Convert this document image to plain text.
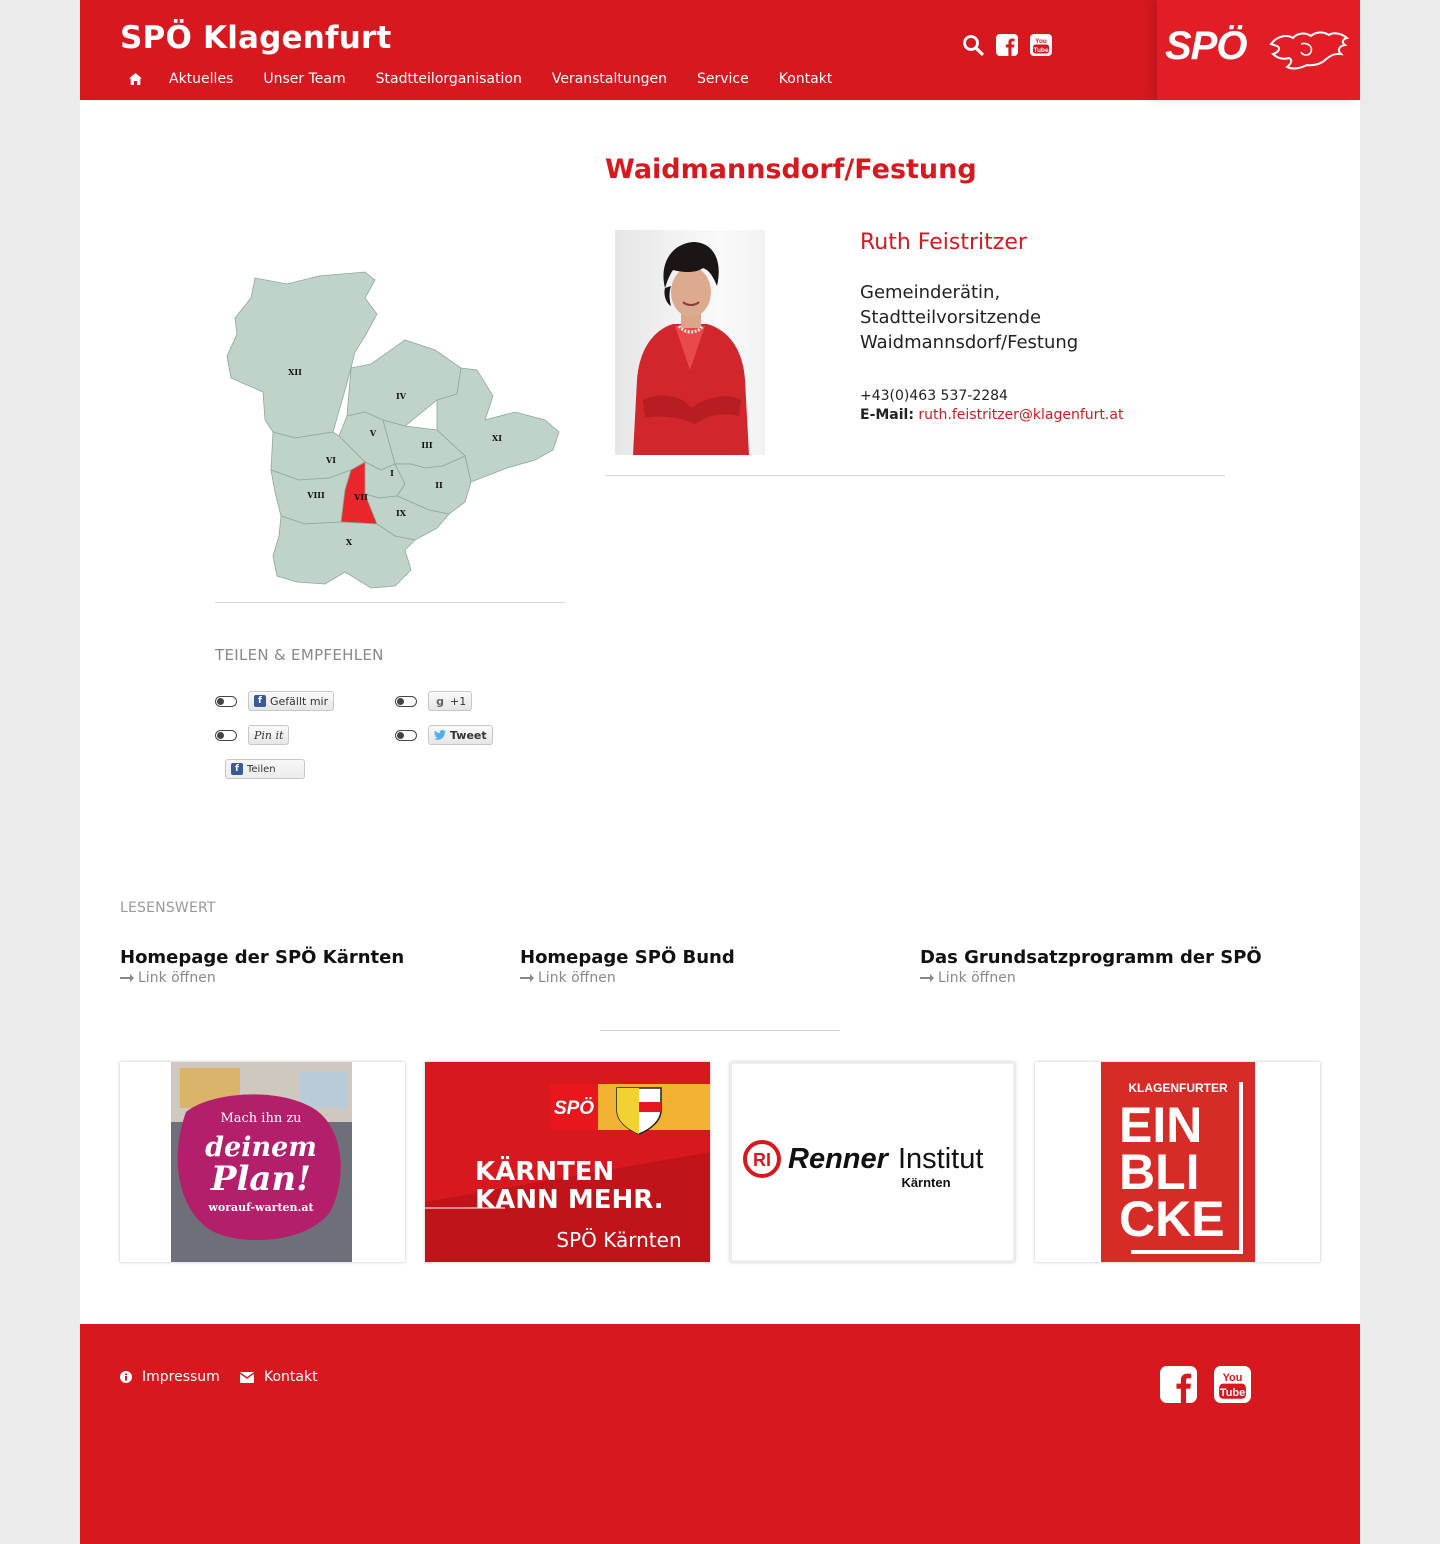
SPÖ Klagenfurt
Aktuelles Unser Team Stadtteilorganisation Veranstaltungen Service Kontakt
You
Tube	SPÖ
XII
IV
V
III
XI
VI
I
II
VIII	VII
IX
X
TEILEN & EMPFEHLEN
f Gefällt mir	g +1
Pin it	Tweet
f Teilen
Waidmannsdorf/Festung
Ruth Feistritzer
Gemeinderätin,
Stadtteilvorsitzende
Waidmannsdorf/Festung
+43(0)463 537-2284
E-Mail: ruth.feistritzer@klagenfurt.at
LESENSWERT
Homepage der SPÖ Kärnten
Link öffnen
Homepage SPÖ Bund
Link öffnen
Das Grundsatzprogramm der SPÖ
Link öffnen
Mach ihn zu
deinem
Plan!
worauf-warten.at
SPÖ
KÄRNTEN
KANN MEHR.
SPÖ Kärnten
RI Renner Institut
Kärnten
KLAGENFURTER
EIN
BLI
CKE
Impressum	Kontakt	You
Tube
